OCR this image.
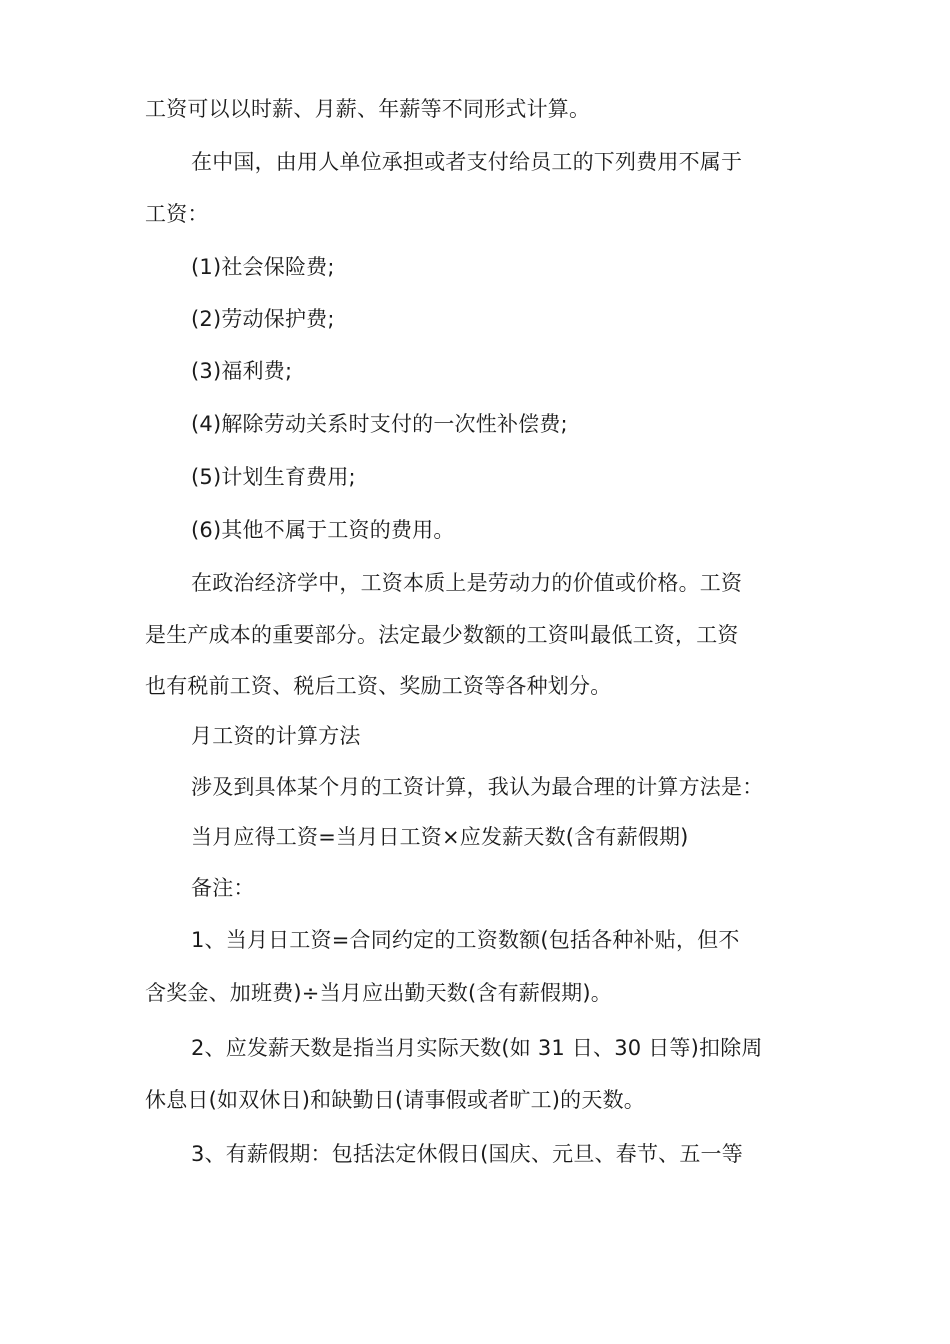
工资可以以时薪、月薪、年薪等不同形式计算。
在中国，由用人单位承担或者支付给员工的下列费用不属于
工资：
(1)社会保险费;
(2)劳动保护费;
(3)福利费;
(4)解除劳动关系时支付的一次性补偿费;
(5)计划生育费用;
(6)其他不属于工资的费用。
在政治经济学中，工资本质上是劳动力的价值或价格。工资
是生产成本的重要部分。法定最少数额的工资叫最低工资，工资
也有税前工资、税后工资、奖励工资等各种划分。
月工资的计算方法
涉及到具体某个月的工资计算，我认为最合理的计算方法是：
当月应得工资=当月日工资×应发薪天数(含有薪假期)
备注：
1、当月日工资=合同约定的工资数额(包括各种补贴，但不
含奖金、加班费)÷当月应出勤天数(含有薪假期)。
2、应发薪天数是指当月实际天数(如 31 日、30 日等)扣除周
休息日(如双休日)和缺勤日(请事假或者旷工)的天数。
3、有薪假期：包括法定休假日(国庆、元旦、春节、五一等
